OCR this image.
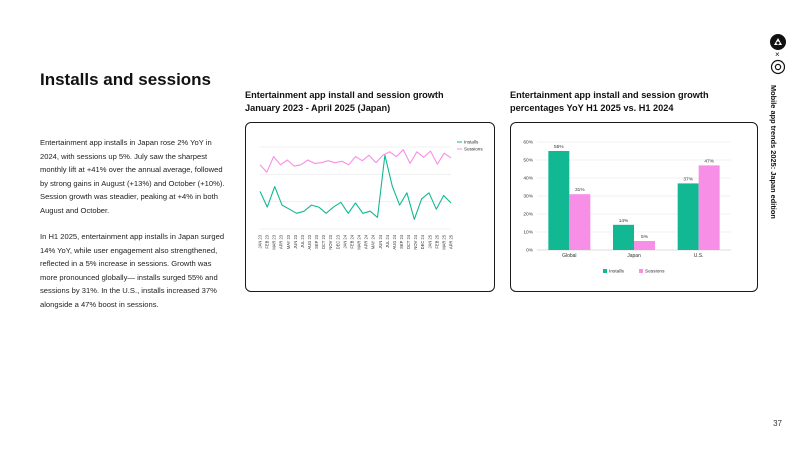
Installs and sessions

Entertainment app installs in Japan rose 2% YoY in 2024, with sessions up 5%. July saw the sharpest monthly lift at +41% over the annual average, followed by strong gains in August (+13%) and October (+10%). Session growth was steadier, peaking at +4% in both August and October.

In H1 2025, entertainment app installs in Japan surged 14% YoY, while user engagement also strengthened, reflected in a 5% increase in sessions. Growth was more pronounced globally— installs surged 55% and sessions by 31%. In the U.S., installs increased 37% alongside a 47% boost in sessions.

Entertainment app install and session growth
January 2023 - April 2025 (Japan)
JAN 23 FEB 23 MAR 23 APR 23 MAY 23 JUN 23 JUL 23 AUG 23 SEP 23 OCT 23 NOV 23 DEC 23 JAN 24 FEB 24 MAR 24 APR 24 MAY 24 JUN 24 JUL 24 AUG 24 SEP 24 OCT 24 NOV 24 DEC 24 JAN 25 FEB 25 MAR 25 APR 25
Installs
Sessions
Entertainment app install and session growth
percentages YoY H1 2025 vs. H1 2024
0%
10%
20%
30%
40%
50%
60%
55%
31%
Global
14%
5%
Japan
37%
47%
U.S.
Installs	Sessions
×
Mobile app trends 2025: Japan edition
37
